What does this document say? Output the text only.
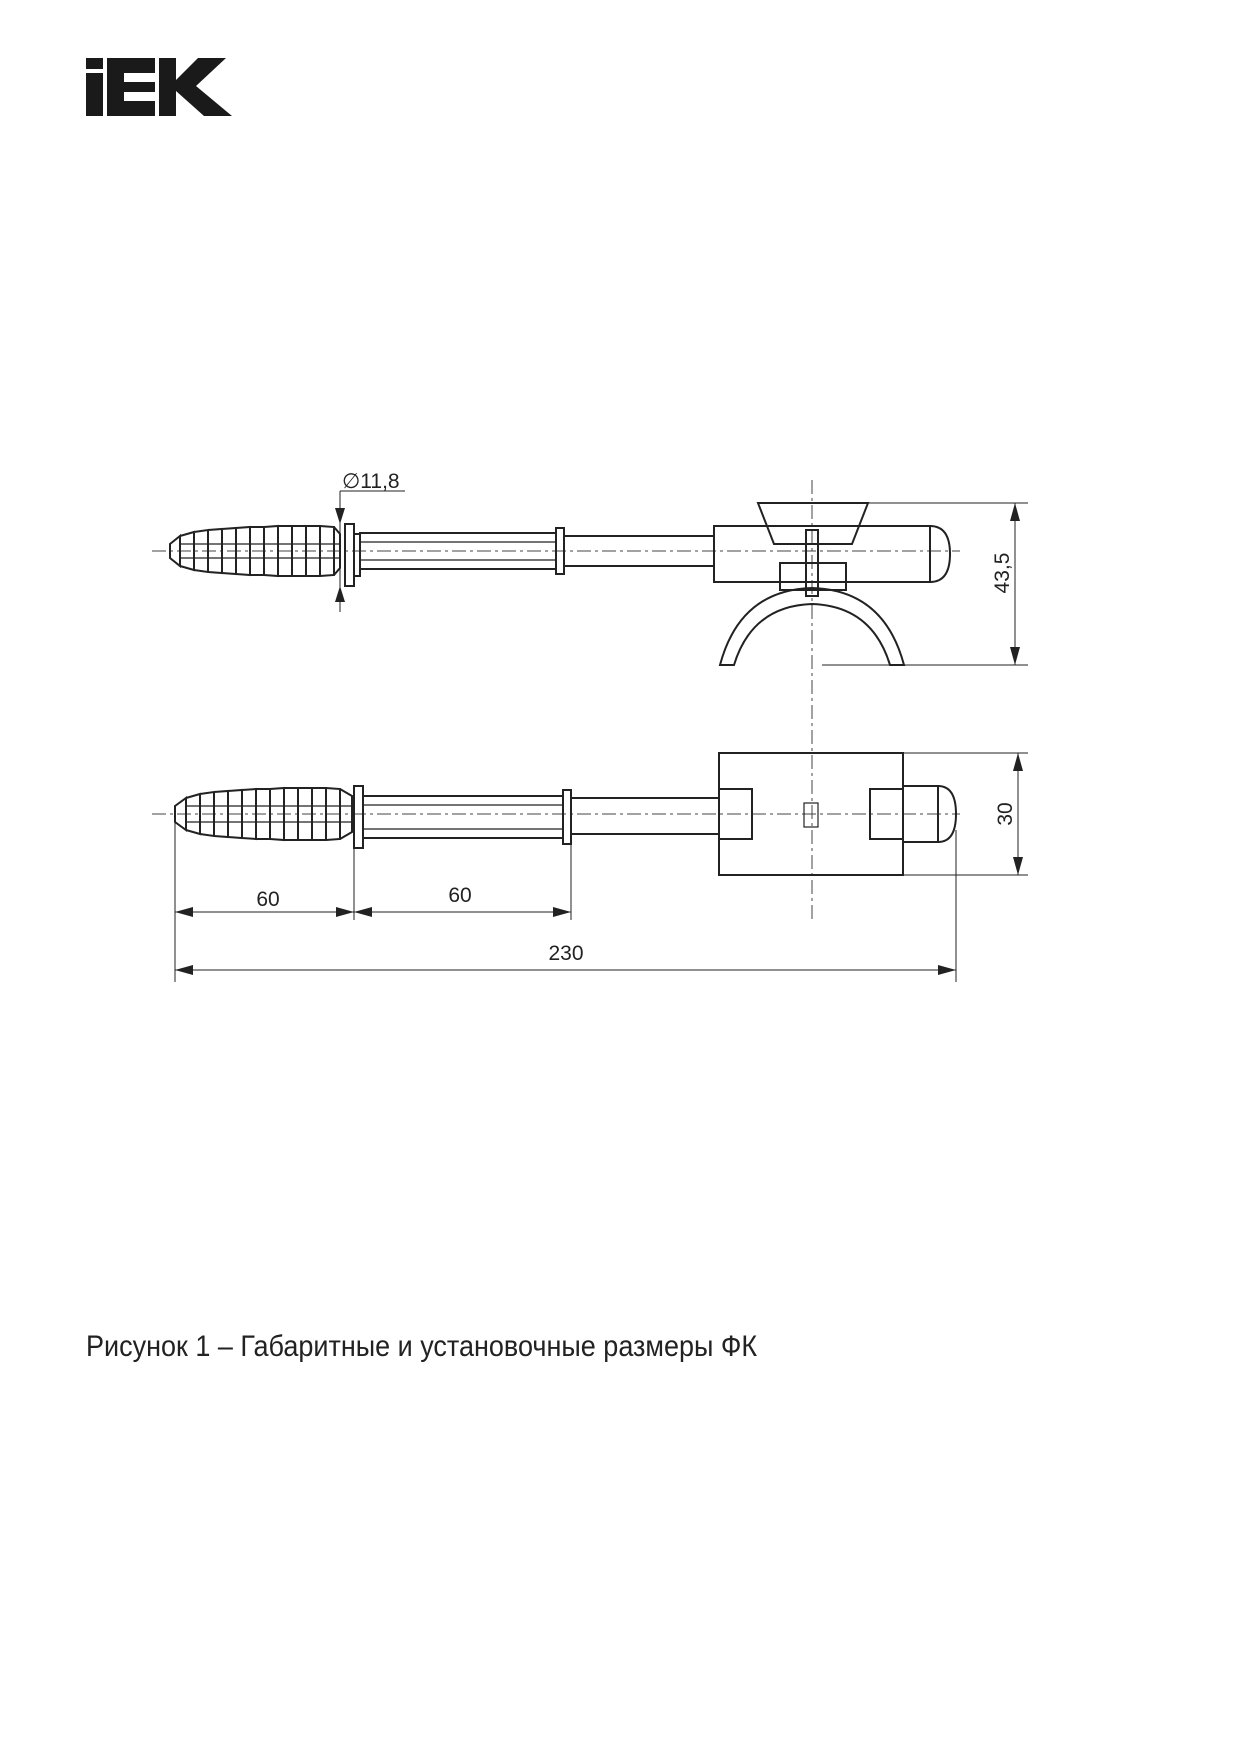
43,5
∅11,8
30
60	60
230
Рисунок 1 – Габаритные и установочные размеры ФК
